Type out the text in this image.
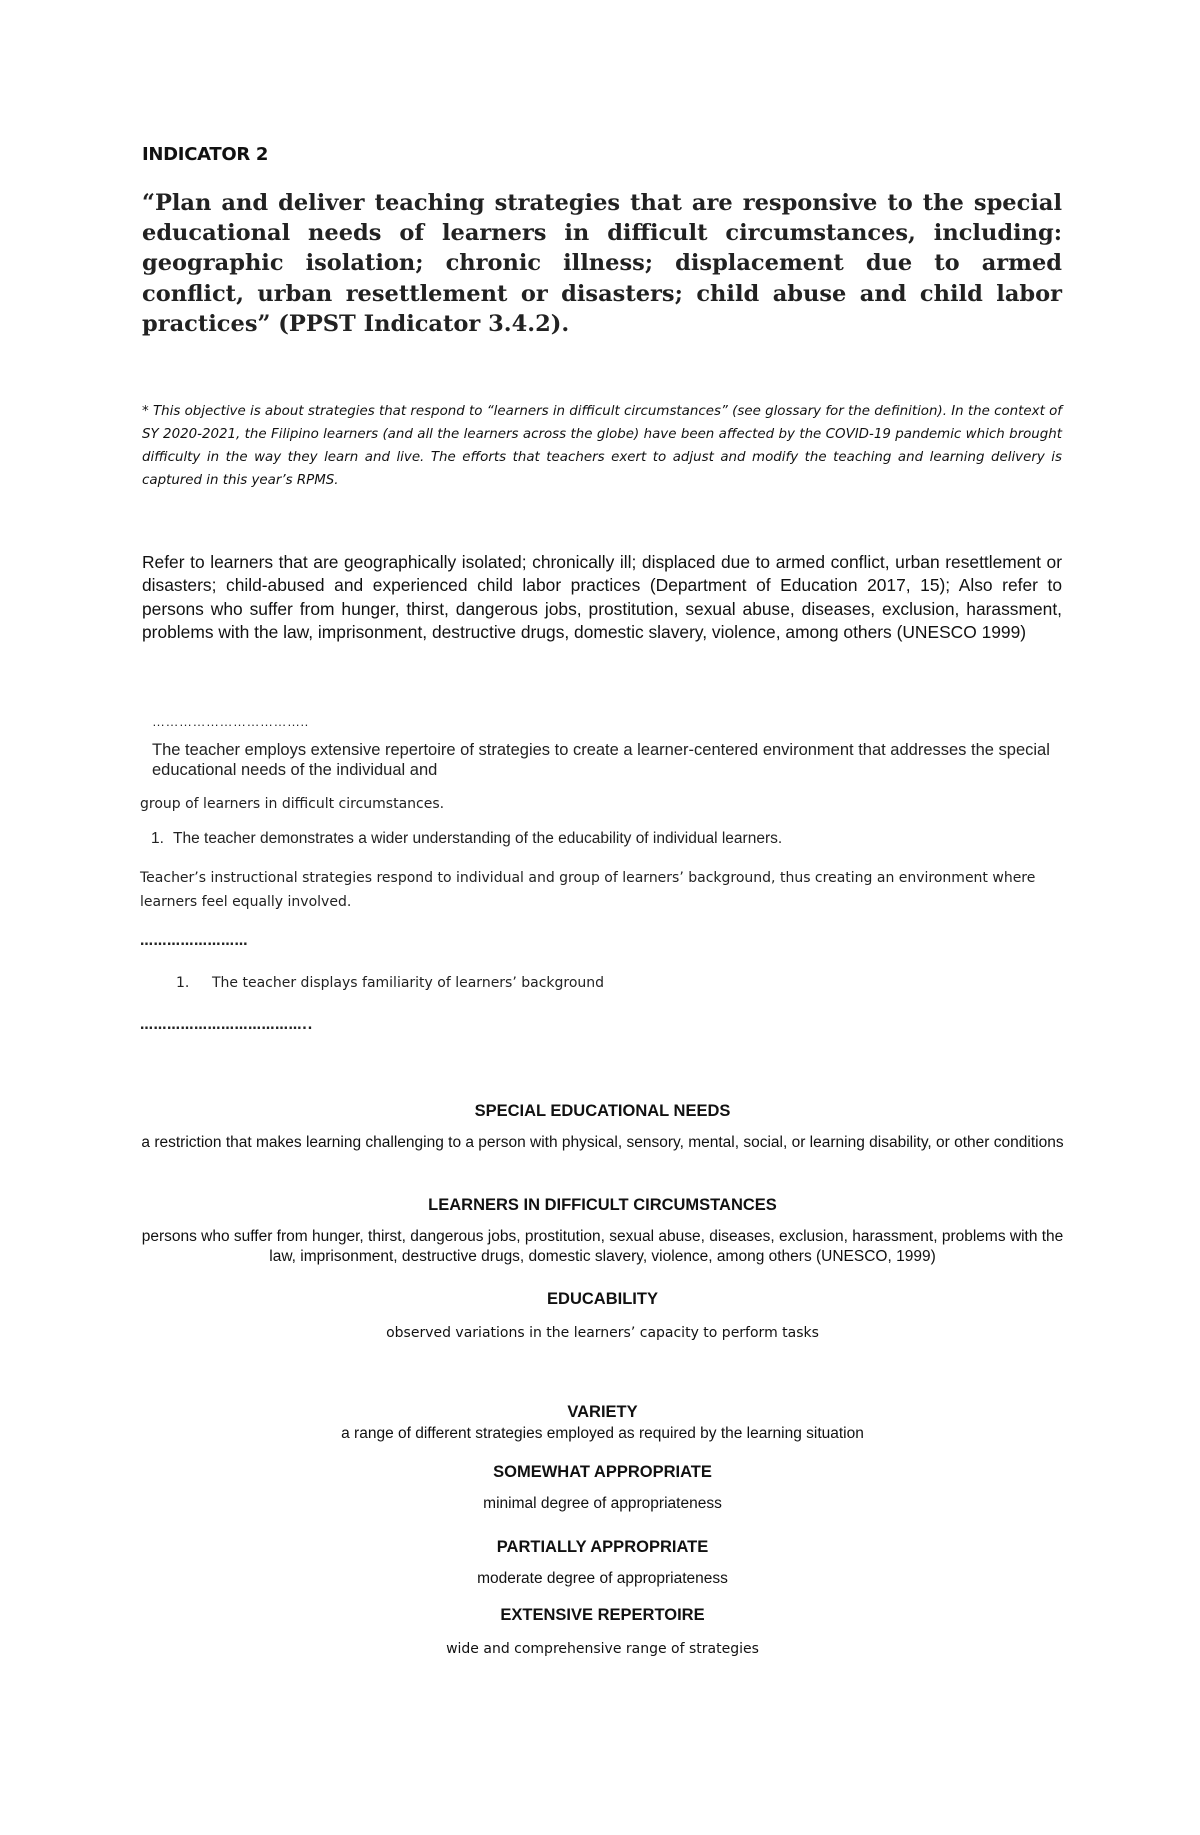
INDICATOR 2
“Plan and deliver teaching strategies that are responsive to the special educational needs of learners in difficult circumstances, including: geographic isolation; chronic illness; displacement due to armed conflict, urban resettlement or disasters; child abuse and child labor practices” (PPST Indicator 3.4.2).
* This objective is about strategies that respond to “learners in difficult circumstances” (see glossary for the definition). In the context of SY 2020-2021, the Filipino learners (and all the learners across the globe) have been affected by the COVID-19 pandemic which brought difficulty in the way they learn and live. The efforts that teachers exert to adjust and modify the teaching and learning delivery is captured in this year’s RPMS.
Refer to learners that are geographically isolated; chronically ill; displaced due to armed conflict, urban resettlement or disasters; child-abused and experienced child labor practices (Department of Education 2017, 15); Also refer to persons who suffer from hunger, thirst, dangerous jobs, prostitution, sexual abuse, diseases, exclusion, harassment, problems with the law, imprisonment, destructive drugs, domestic slavery, violence, among others (UNESCO 1999)
……………………………..
The teacher employs extensive repertoire of strategies to create a learner-centered environment that addresses the special educational needs of the individual and
group of learners in difficult circumstances.
1. The teacher demonstrates a wider understanding of the educability of individual learners.
Teacher’s instructional strategies respond to individual and group of learners’ background, thus creating an environment where learners feel equally involved.
……………………
1. The teacher displays familiarity of learners’ background
………………………………..
SPECIAL EDUCATIONAL NEEDS
a restriction that makes learning challenging to a person with physical, sensory, mental, social, or learning disability, or other conditions
LEARNERS IN DIFFICULT CIRCUMSTANCES
persons who suffer from hunger, thirst, dangerous jobs, prostitution, sexual abuse, diseases, exclusion, harassment, problems with the law, imprisonment, destructive drugs, domestic slavery, violence, among others (UNESCO, 1999)
EDUCABILITY
observed variations in the learners’ capacity to perform tasks
VARIETY
a range of different strategies employed as required by the learning situation
SOMEWHAT APPROPRIATE
minimal degree of appropriateness
PARTIALLY APPROPRIATE
moderate degree of appropriateness
EXTENSIVE REPERTOIRE
wide and comprehensive range of strategies
